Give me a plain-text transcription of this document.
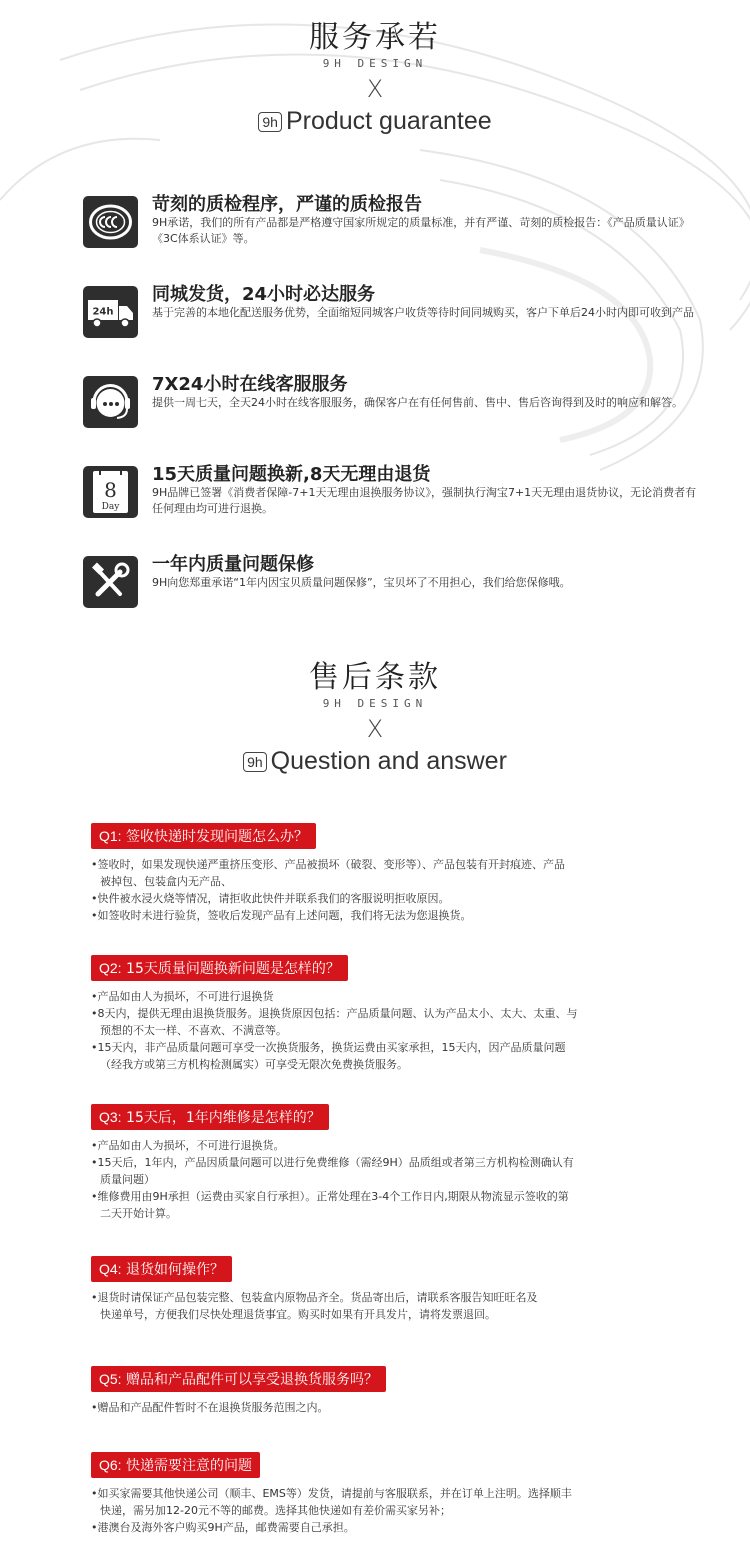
服务承若
9H DESIGN
X
9h Product guarantee
苛刻的质检程序，严谨的质检报告
9H承诺，我们的所有产品都是严格遵守国家所规定的质量标准，并有严谨、苛刻的质检报告：《产品质量认证》《3C体系认证》等。
24h
同城发货，24小时必达服务
基于完善的本地化配送服务优势，全面缩短同城客户收货等待时间同城购买，客户下单后24小时内即可收到产品
7X24小时在线客服服务
提供一周七天，全天24小时在线客服服务，确保客户在有任何售前、售中、售后咨询得到及时的响应和解答。
8
Day
15天质量问题换新,8天无理由退货
9H品牌已签署《消费者保障-7+1天无理由退换服务协议》，强制执行淘宝7+1天无理由退货协议，无论消费者有任何理由均可进行退换。
一年内质量问题保修
9H向您郑重承诺“1年内因宝贝质量问题保修”，宝贝坏了不用担心，我们给您保修哦。
售后条款
9H DESIGN
X
9h Question and answer
Q1: 签收快递时发现问题怎么办？
•签收时，如果发现快递严重挤压变形、产品被损坏（破裂、变形等）、产品包装有开封痕迹、产品
被掉包、包装盒内无产品、
•快件被水浸火烧等情况，请拒收此快件并联系我们的客服说明拒收原因。
•如签收时未进行验货，签收后发现产品有上述问题，我们将无法为您退换货。
Q2: 15天质量问题换新问题是怎样的？
•产品如由人为损坏，不可进行退换货
•8天内，提供无理由退换货服务。退换货原因包括：产品质量问题、认为产品太小、太大、太重、与
预想的不太一样、不喜欢、不满意等。
•15天内，非产品质量问题可享受一次换货服务，换货运费由买家承担，15天内，因产品质量问题
（经我方或第三方机构检测属实）可享受无限次免费换货服务。
Q3: 15天后，1年内维修是怎样的？
•产品如由人为损坏，不可进行退换货。
•15天后，1年内，产品因质量问题可以进行免费维修（需经9H）品质组或者第三方机构检测确认有
质量问题）
•维修费用由9H承担（运费由买家自行承担）。正常处理在3-4个工作日内,期限从物流显示签收的第
二天开始计算。
Q4: 退货如何操作？
•退货时请保证产品包装完整、包装盒内原物品齐全。货品寄出后，请联系客服告知旺旺名及
快递单号，方便我们尽快处理退货事宜。购买时如果有开具发片，请将发票退回。
Q5: 赠品和产品配件可以享受退换货服务吗？
•赠品和产品配件暂时不在退换货服务范围之内。
Q6: 快递需要注意的问题
•如买家需要其他快递公司（顺丰、EMS等）发货，请提前与客服联系，并在订单上注明。选择顺丰
快递，需另加12-20元不等的邮费。选择其他快递如有差价需买家另补；
•港澳台及海外客户购买9H产品，邮费需要自己承担。
